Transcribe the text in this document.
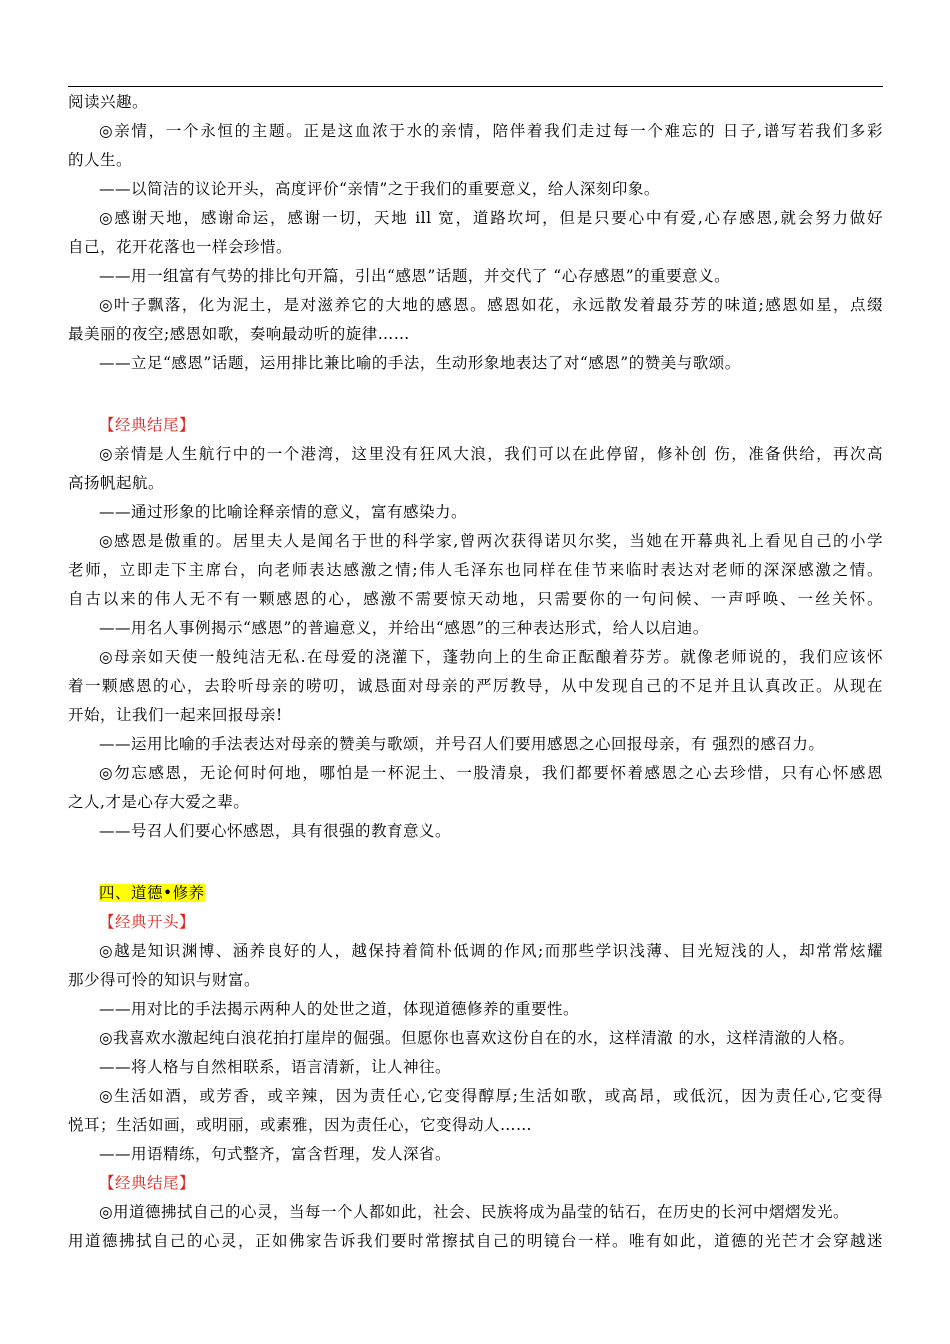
阅读兴趣。
◎亲情，一个永恒的主题。正是这血浓于水的亲情，陪伴着我们走过每一个难忘的 日子,谱写若我们多彩
的人生。
——以简洁的议论开头，高度评价“亲情”之于我们的重要意义，给人深刻印象。
◎感谢天地，感谢命运，感谢一切，天地 ill 宽，道路坎坷，但是只要心中有爱,心存感恩,就会努力做好
自己，花开花落也一样会珍惜。
——用一组富有气势的排比句开篇，引出“感恩”话题，并交代了 “心存感恩”的重要意义。
◎叶子飘落，化为泥土，是对滋养它的大地的感恩。感恩如花，永远散发着最芬芳的味道;感恩如星，点缀
最美丽的夜空;感恩如歌，奏响最动听的旋律……
——立足“感恩”话题，运用排比兼比喻的手法，生动形象地表达了对“感恩”的赞美与歌颂。
【经典结尾】
◎亲情是人生航行中的一个港湾，这里没有狂风大浪，我们可以在此停留，修补创 伤，准备供给，再次高
高扬帆起航。
——通过形象的比喻诠释亲情的意义，富有感染力。
◎感恩是傲重的。居里夫人是闻名于世的科学家,曾两次获得诺贝尔奖，当她在开幕典礼上看见自己的小学
老师，立即走下主席台，向老师表达感激之情;伟人毛泽东也同样在佳节来临时表达对老师的深深感激之情。
自古以来的伟人无不有一颗感恩的心，感激不需要惊天动地，只需要你的一句问候、一声呼唤、一丝关怀。
——用名人事例揭示“感恩”的普遍意义，并给出“感恩”的三种表达形式，给人以启迪。
◎母亲如天使一般纯洁无私.在母爱的浇灌下，蓬勃向上的生命正酝酿着芬芳。就像老师说的，我们应该怀
着一颗感恩的心，去聆听母亲的唠叨，诚恳面对母亲的严厉教导，从中发现自己的不足并且认真改正。从现在
开始，让我们一起来回报母亲!
——运用比喻的手法表达对母亲的赞美与歌颂，并号召人们要用感恩之心回报母亲，有 强烈的感召力。
◎勿忘感恩，无论何时何地，哪怕是一杯泥土、一股清泉，我们都要怀着感恩之心去珍惜，只有心怀感恩
之人,才是心存大爱之辈。
——号召人们要心怀感恩，具有很强的教育意义。
四、道德•修养
【经典开头】
◎越是知识渊博、涵养良好的人，越保持着简朴低调的作风;而那些学识浅薄、目光短浅的人，却常常炫耀
那少得可怜的知识与财富。
——用对比的手法揭示两种人的处世之道，体现道德修养的重要性。
◎我喜欢水激起纯白浪花拍打崖岸的倔强。但愿你也喜欢这份自在的水，这样清澈 的水，这样清澈的人格。
——将人格与自然相联系，语言清新，让人神往。
◎生活如酒，或芳香，或辛辣，因为责任心,它变得醇厚;生活如歌，或高昂，或低沉，因为责任心,它变得
悦耳；生活如画，或明丽，或素雅，因为责任心，它变得动人……
——用语精练，句式整齐，富含哲理，发人深省。
【经典结尾】
◎用道德拂拭自己的心灵，当每一个人都如此，社会、民族将成为晶莹的钻石，在历史的长河中熠熠发光。
用道德拂拭自己的心灵，正如佛家告诉我们要时常擦拭自己的明镜台一样。唯有如此，道德的光芒才会穿越迷
